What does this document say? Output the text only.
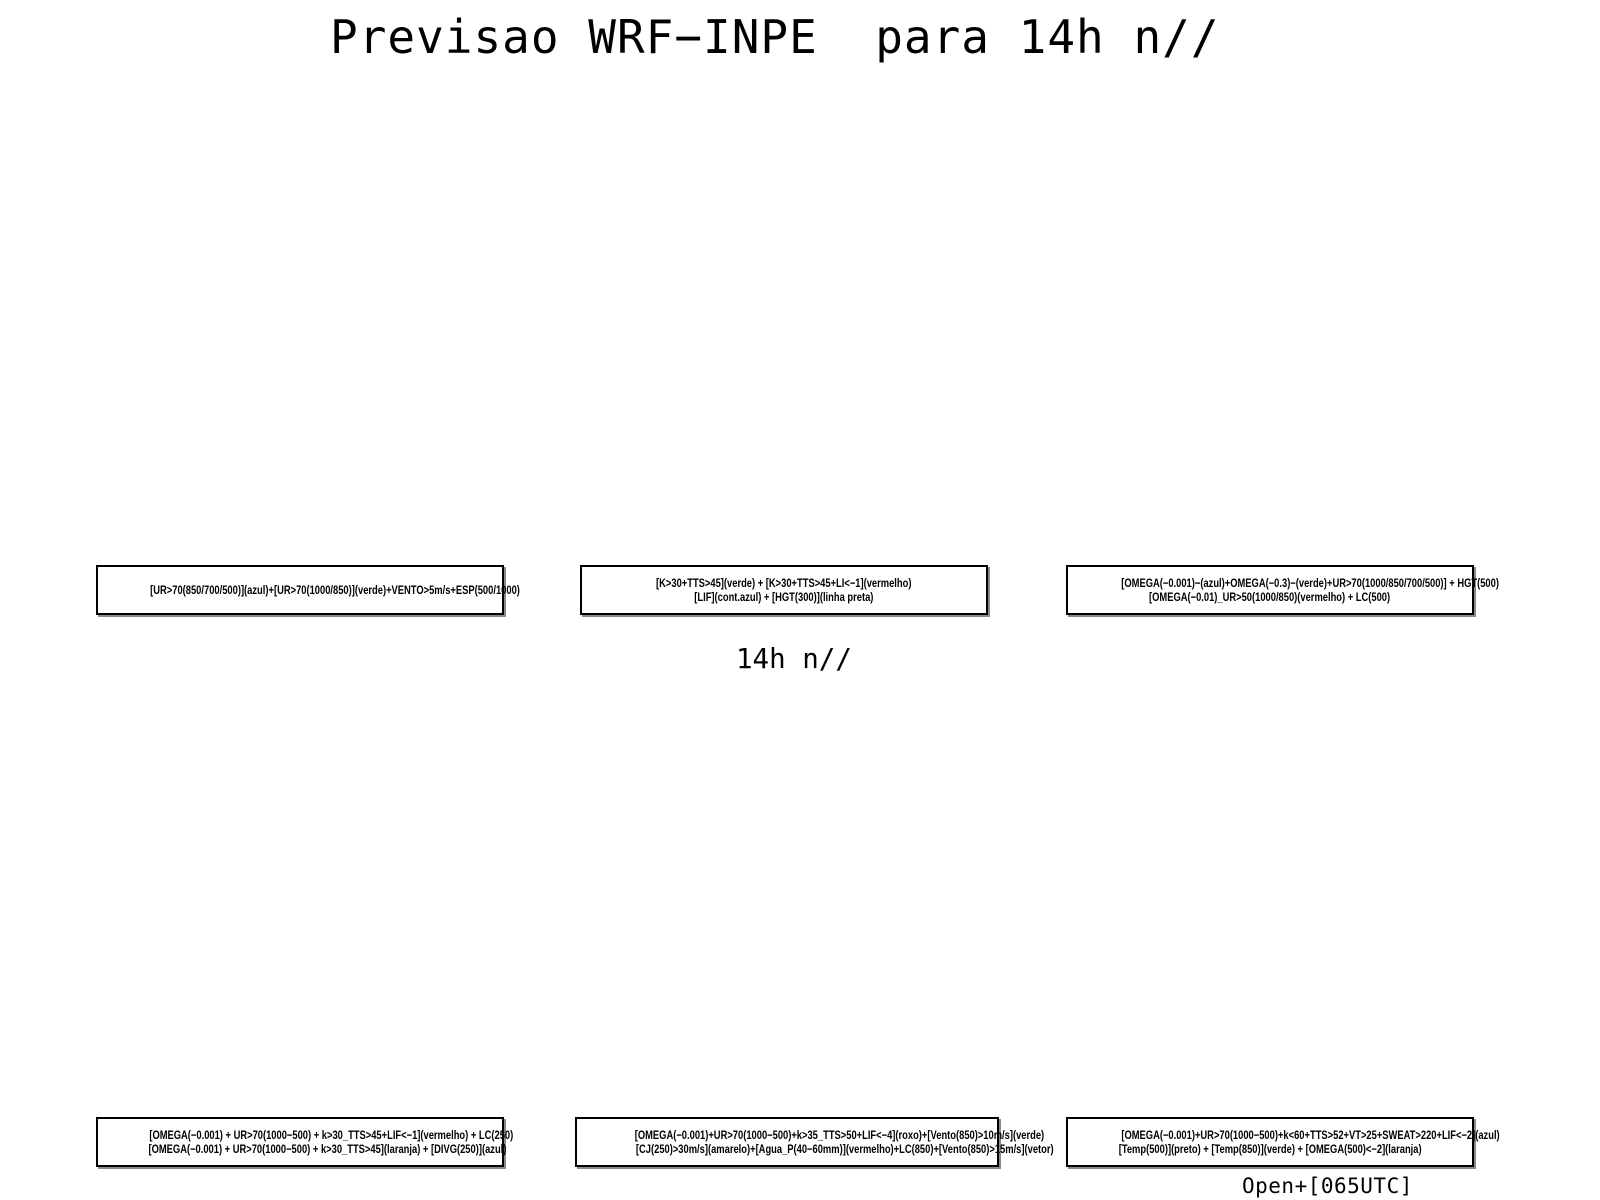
Previsao WRF−INPE  para 14h n//
[UR>70(850/700/500)](azul)+[UR>70(1000/850)](verde)+VENTO>5m/s+ESP(500/1000)
[K>30+TTS>45](verde) + [K>30+TTS>45+LI<−1](vermelho)
[LIF](cont.azul) + [HGT(300)](linha preta)
[OMEGA(−0.001)−(azul)+OMEGA(−0.3)−(verde)+UR>70(1000/850/700/500)] + HGT(500)
[OMEGA(−0.01)_UR>50(1000/850)(vermelho) + LC(500)
14h n//
[OMEGA(−0.001) + UR>70(1000−500) + k>30_TTS>45+LIF<−1](vermelho) + LC(250)
[OMEGA(−0.001) + UR>70(1000−500) + k>30_TTS>45](laranja) + [DIVG(250)](azul)
[OMEGA(−0.001)+UR>70(1000−500)+k>35_TTS>50+LIF<−4](roxo)+[Vento(850)>10m/s](verde)
[CJ(250)>30m/s](amarelo)+[Agua_P(40−60mm)](vermelho)+LC(850)+[Vento(850)>15m/s](vetor)
[OMEGA(−0.001)+UR>70(1000−500)+k<60+TTS>52+VT>25+SWEAT>220+LIF<−2](azul)
[Temp(500)](preto) + [Temp(850)](verde) + [OMEGA(500)<−2](laranja)
Open+[065UTC]
